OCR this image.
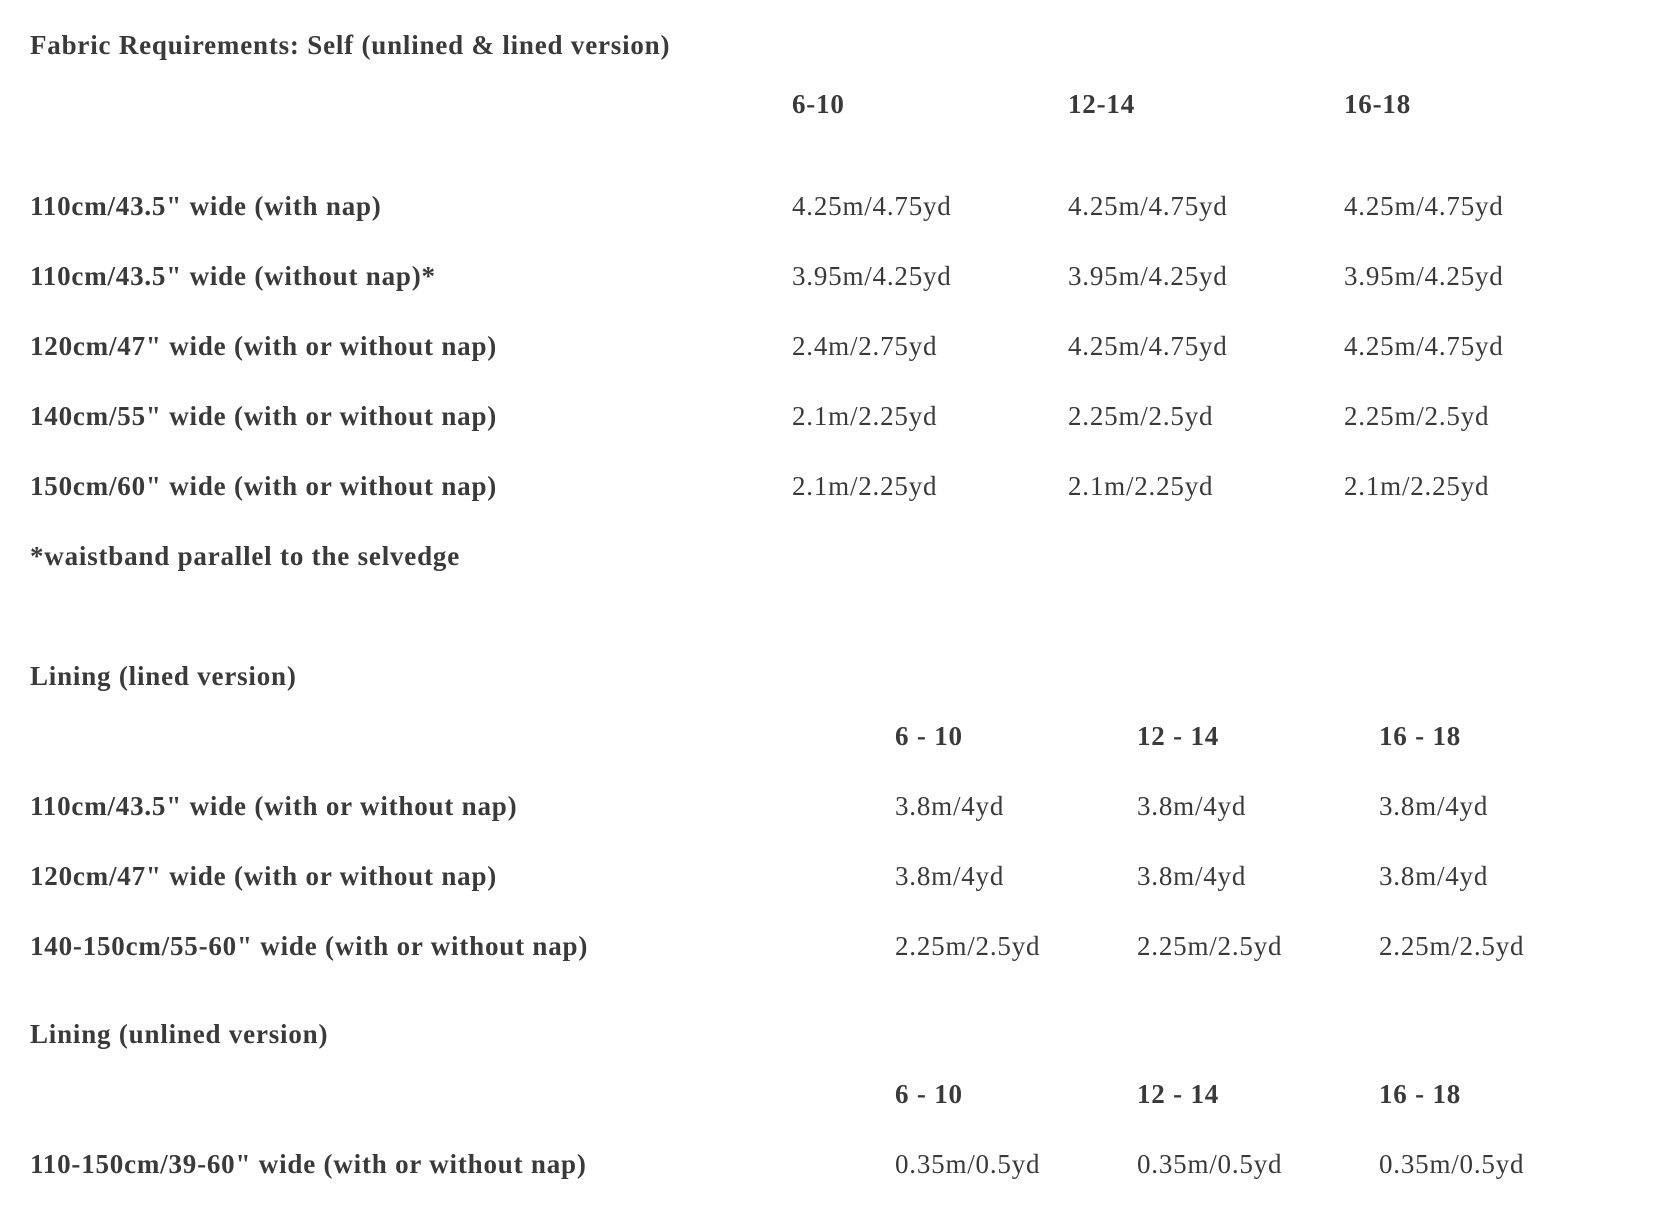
Fabric Requirements: Self (unlined & lined version)
6-10	12-14	16-18
110cm/43.5" wide (with nap)	4.25m/4.75yd	4.25m/4.75yd	4.25m/4.75yd
110cm/43.5" wide (without nap)*	3.95m/4.25yd	3.95m/4.25yd	3.95m/4.25yd
120cm/47" wide (with or without nap)	2.4m/2.75yd	4.25m/4.75yd	4.25m/4.75yd
140cm/55" wide (with or without nap)	2.1m/2.25yd	2.25m/2.5yd	2.25m/2.5yd
150cm/60" wide (with or without nap)	2.1m/2.25yd	2.1m/2.25yd	2.1m/2.25yd
*waistband parallel to the selvedge
Lining (lined version)
6 - 10	12 - 14	16 - 18
110cm/43.5" wide (with or without nap)	3.8m/4yd	3.8m/4yd	3.8m/4yd
120cm/47" wide (with or without nap)	3.8m/4yd	3.8m/4yd	3.8m/4yd
140-150cm/55-60" wide (with or without nap)	2.25m/2.5yd	2.25m/2.5yd	2.25m/2.5yd
Lining (unlined version)
6 - 10	12 - 14	16 - 18
110-150cm/39-60" wide (with or without nap)	0.35m/0.5yd	0.35m/0.5yd	0.35m/0.5yd
